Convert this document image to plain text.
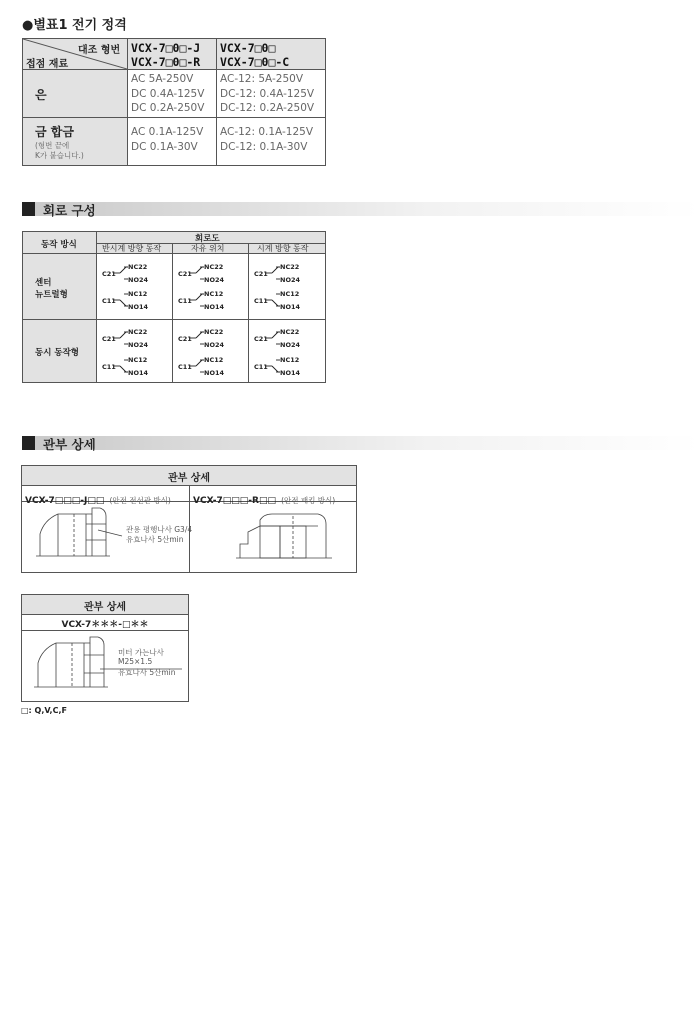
●별표1 전기 정격
대조 형번
접점 재료
VCX-7□0□-J
VCX-7□0□-R
VCX-7□0□
VCX-7□0□-C
은
AC 5A-250V
DC 0.4A-125V
DC 0.2A-250V
AC-12: 5A-250V
DC-12: 0.4A-125V
DC-12: 0.2A-250V
금 합금
(형번 끝에
K가 붙습니다.)
AC 0.1A-125V
DC 0.1A-30V
AC-12: 0.1A-125V
DC-12: 0.1A-30V
회로 구성
동작 방식
회로도
반시계 방향 동작	자유 위치	시계 방향 동작
센터
뉴트럴형
동시 동작형
C21
NC22
NO24
C11
NC12
NO14
C21
NC22
NO24
C11
NC12
NO14
C21
NC22
NO24
C11
NC12
NO14
C21
NC22
NO24
C11
NC12
NO14
C21
NC22
NO24
C11
NC12
NO14
C21
NC22
NO24
C11
NC12
NO14
관부 상세
관부 상세
VCX-7□□□-J□□ (안전 전선관 방식) VCX-7□□□-R□□ (안전 패킹 방식)
관용 평행나사 G3/4
유효나사 5산min
관부 상세
VCX-7＊＊＊-□＊＊
미터 가는나사
M25×1.5
유효나사 5산min
□: Q,V,C,F
